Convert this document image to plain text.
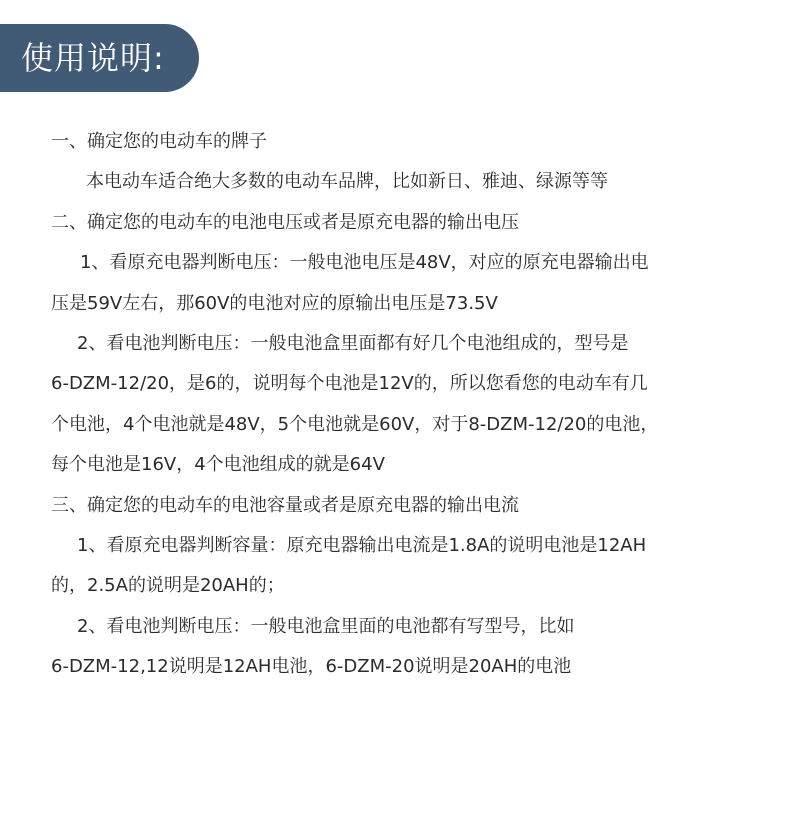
使用说明:
一、确定您的电动车的牌子
本电动车适合绝大多数的电动车品牌，比如新日、雅迪、绿源等等
二、确定您的电动车的电池电压或者是原充电器的输出电压
1、看原充电器判断电压：一般电池电压是48V，对应的原充电器输出电
压是59V左右，那60V的电池对应的原输出电压是73.5V
2、看电池判断电压：一般电池盒里面都有好几个电池组成的，型号是
6-DZM-12/20，是6的，说明每个电池是12V的，所以您看您的电动车有几
个电池，4个电池就是48V，5个电池就是60V，对于8-DZM-12/20的电池，
每个电池是16V，4个电池组成的就是64V
三、确定您的电动车的电池容量或者是原充电器的输出电流
1、看原充电器判断容量：原充电器输出电流是1.8A的说明电池是12AH
的，2.5A的说明是20AH的；
2、看电池判断电压：一般电池盒里面的电池都有写型号，比如
6-DZM-12,12说明是12AH电池，6-DZM-20说明是20AH的电池
